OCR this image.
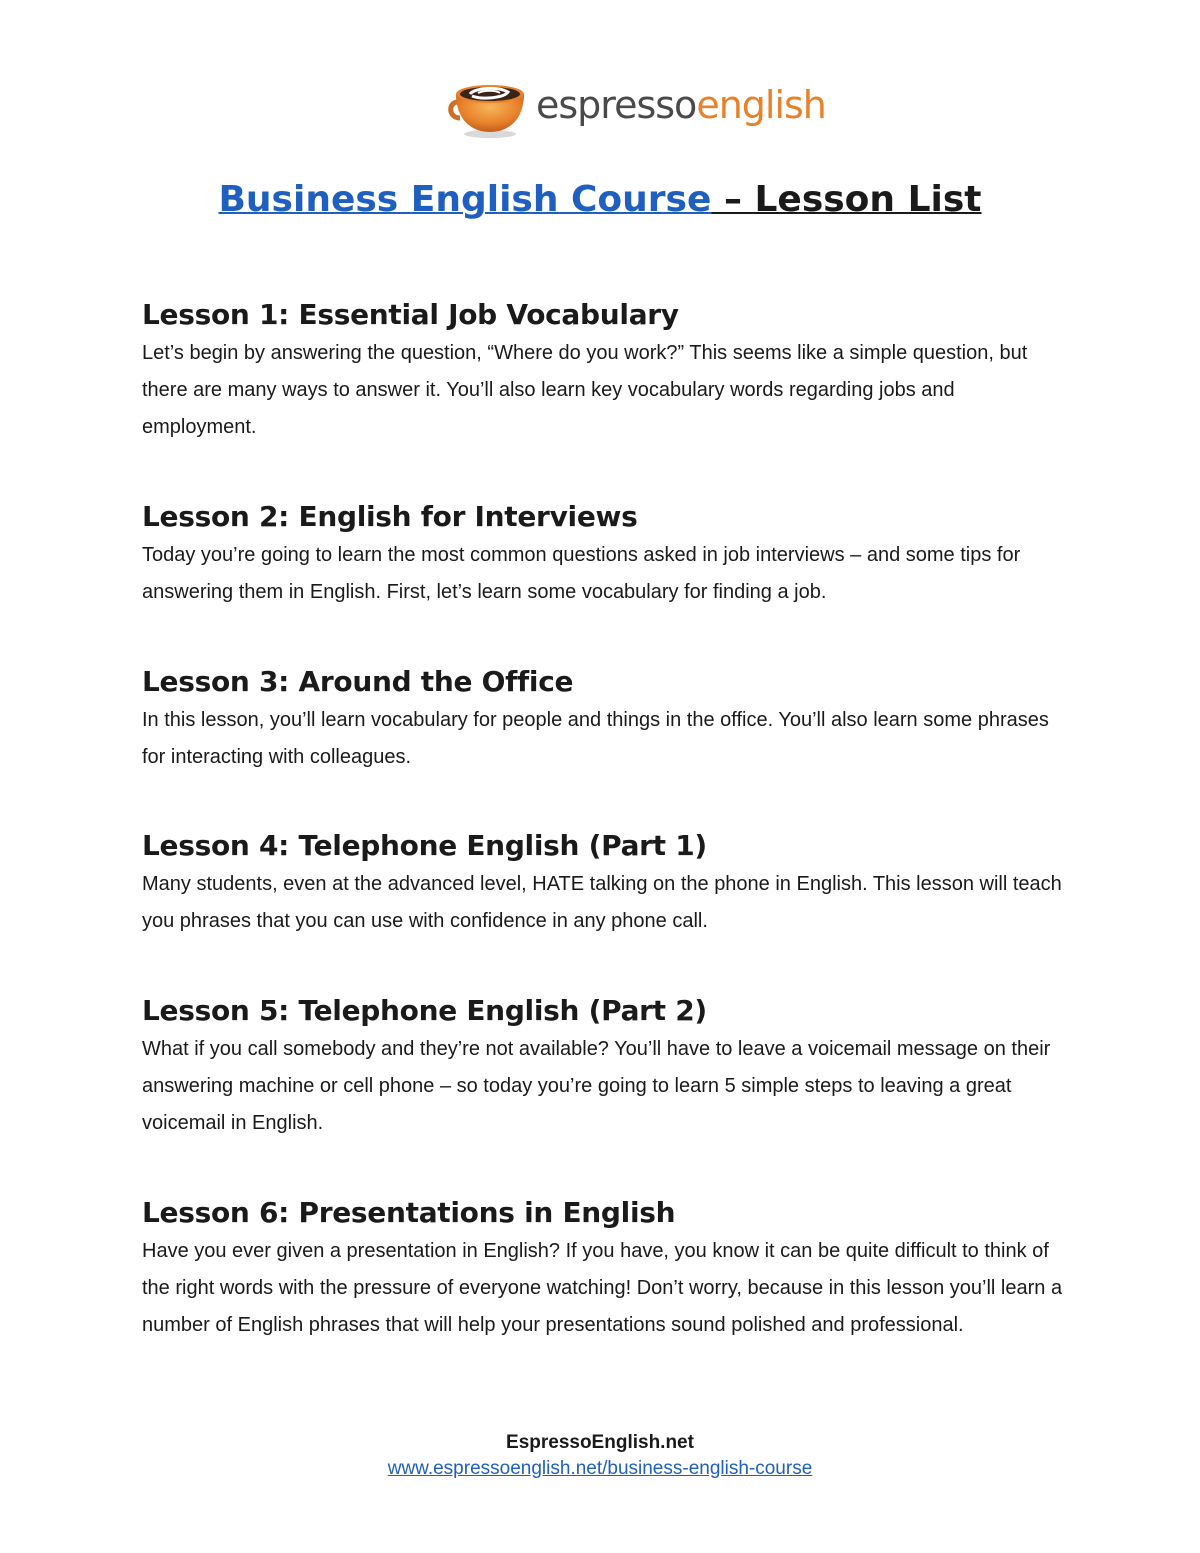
espressoenglish
Business English Course – Lesson List
Lesson 1: Essential Job Vocabulary

Let’s begin by answering the question, “Where do you work?” This seems like a simple question, but there are many ways to answer it. You’ll also learn key vocabulary words regarding jobs and employment.

Lesson 2: English for Interviews

Today you’re going to learn the most common questions asked in job interviews – and some tips for answering them in English. First, let’s learn some vocabulary for finding a job.

Lesson 3: Around the Office

In this lesson, you’ll learn vocabulary for people and things in the office. You’ll also learn some phrases for interacting with colleagues.

Lesson 4: Telephone English (Part 1)

Many students, even at the advanced level, HATE talking on the phone in English. This lesson will teach you phrases that you can use with confidence in any phone call.

Lesson 5: Telephone English (Part 2)

What if you call somebody and they’re not available? You’ll have to leave a voicemail message on their answering machine or cell phone – so today you’re going to learn 5 simple steps to leaving a great voicemail in English.

Lesson 6: Presentations in English

Have you ever given a presentation in English? If you have, you know it can be quite difficult to think of the right words with the pressure of everyone watching! Don’t worry, because in this lesson you’ll learn a number of English phrases that will help your presentations sound polished and professional.

EspressoEnglish.net
www.espressoenglish.net/business-english-course
